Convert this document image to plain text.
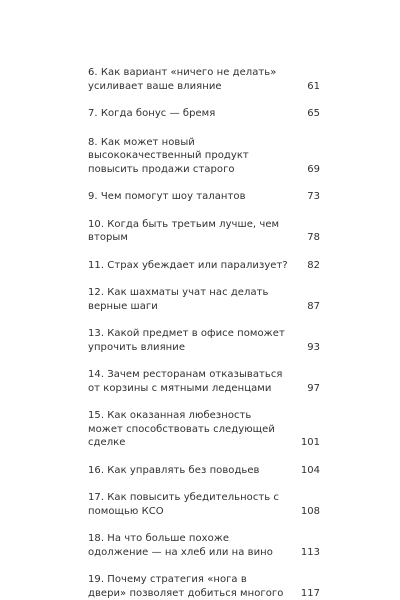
6. Как вариант «ничего не делать» усиливает ваше влияние	61
7. Когда бонус — бремя	65
8. Как может новый высококачественный продукт повысить продажи старого	69
9. Чем помогут шоу талантов	73
10. Когда быть третьим лучше, чем вторым	78
11. Страх убеждает или парализует? 82
12. Как шахматы учат нас делать верные шаги	87
13. Какой предмет в офисе поможет упрочить влияние	93
14. Зачем ресторанам отказываться от корзины с мятными леденцами	97
15. Как оказанная любезность может способствовать следующей сделке	101
16. Как управлять без поводьев	104
17. Как повысить убедительность с помощью КСО	108
18. На что больше похоже одолжение — на хлеб или на вино	113
19. Почему стратегия «нога в двери» позволяет добиться многого	117
